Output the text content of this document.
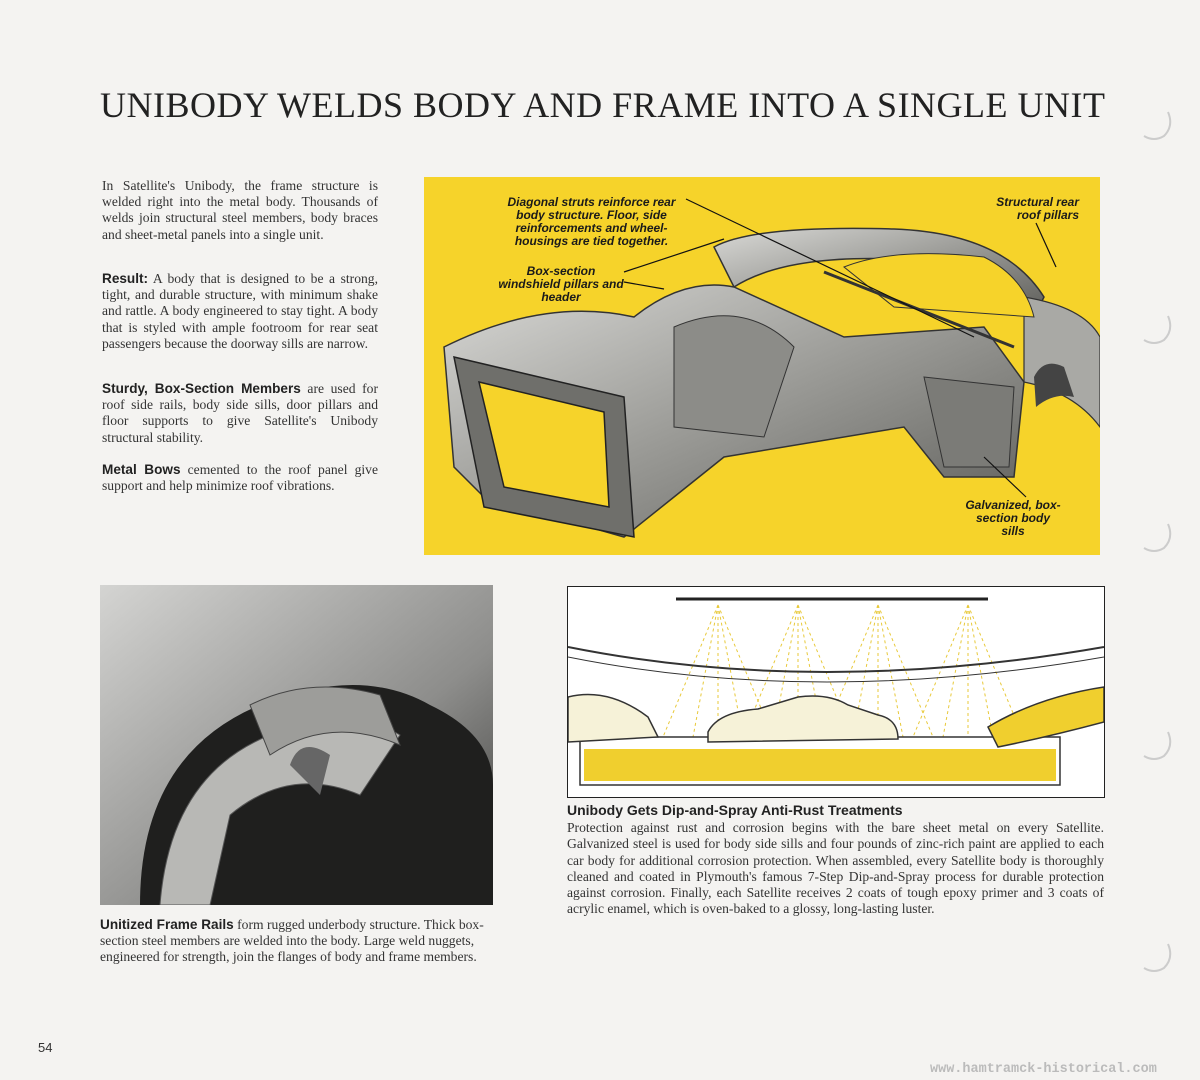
UNIBODY WELDS BODY AND FRAME INTO A SINGLE UNIT
In Satellite's Unibody, the frame structure is welded right into the metal body. Thousands of welds join structural steel members, body braces and sheet-metal panels into a single unit.
Result: A body that is designed to be a strong, tight, and durable structure, with minimum shake and rattle. A body engineered to stay tight. A body that is styled with ample footroom for rear seat passengers because the doorway sills are narrow.
Sturdy, Box-Section Members are used for roof side rails, body side sills, door pillars and floor supports to give Satellite's Unibody structural stability.
Metal Bows cemented to the roof panel give support and help minimize roof vibrations.
Diagonal struts reinforce rear body structure. Floor, side reinforcements and wheel-housings are tied together.
Box-section windshield pillars and header
Structural rear roof pillars
Galvanized, box-section body sills
Unitized Frame Rails form rugged underbody structure. Thick box-section steel members are welded into the body. Large weld nuggets, engineered for strength, join the flanges of body and frame members.
Unibody Gets Dip-and-Spray Anti-Rust Treatments
Protection against rust and corrosion begins with the bare sheet metal on every Satellite. Galvanized steel is used for body side sills and four pounds of zinc-rich paint are applied to each car body for additional corrosion protection. When assembled, every Satellite body is thoroughly cleaned and coated in Plymouth's famous 7-Step Dip-and-Spray process for durable protection against corrosion. Finally, each Satellite receives 2 coats of tough epoxy primer and 3 coats of acrylic enamel, which is oven-baked to a glossy, long-lasting luster.
54
www.hamtramck-historical.com
